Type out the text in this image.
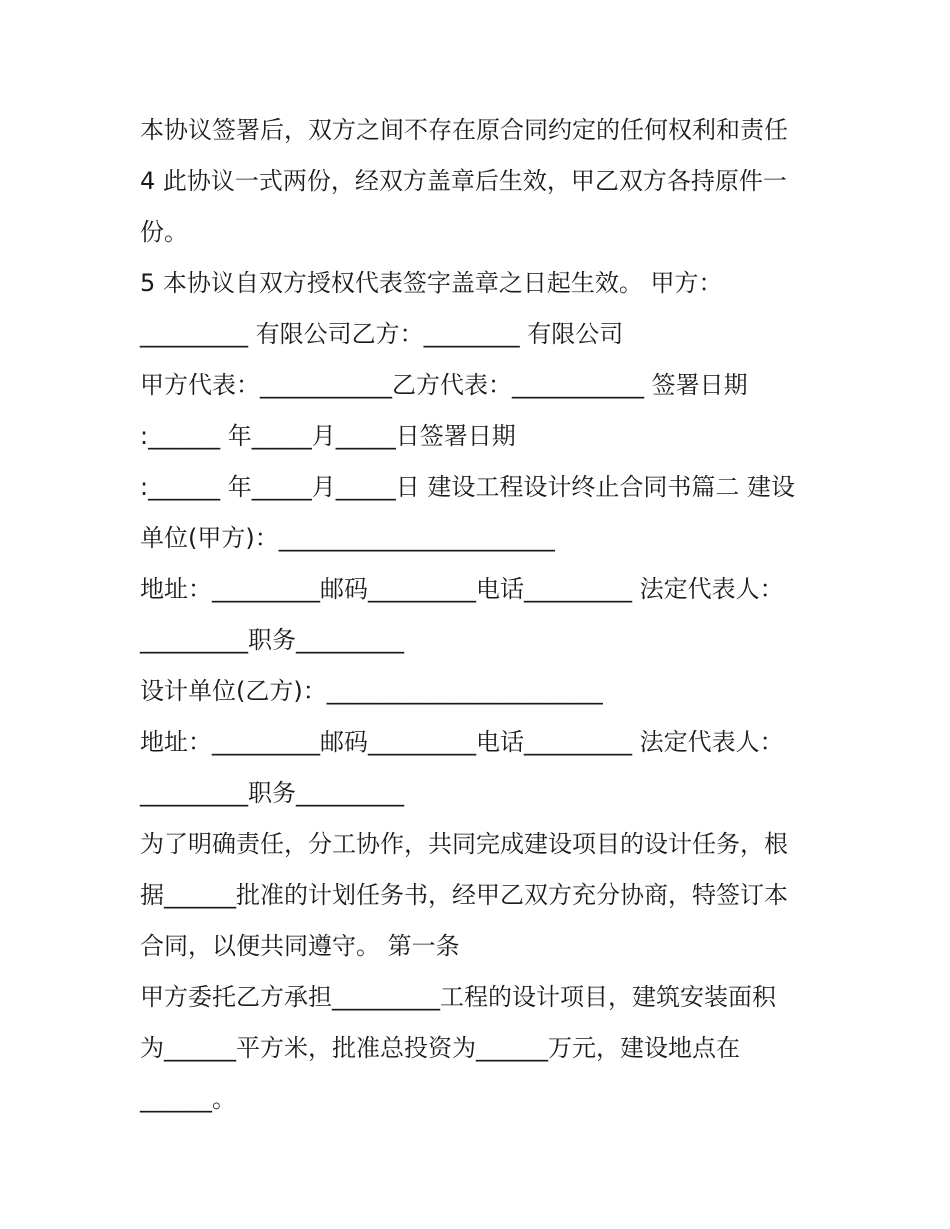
本协议签署后，双方之间不存在原合同约定的任何权利和责任
4 此协议一式两份，经双方盖章后生效，甲乙双方各持原件一
份。
5 本协议自双方授权代表签字盖章之日起生效。 甲方：
_________ 有限公司乙方：________ 有限公司
甲方代表：___________乙方代表：___________ 签署日期
:______ 年_____月_____日签署日期
:______ 年_____月_____日 建设工程设计终止合同书篇二 建设
单位(甲方)：_______________________
地址：_________邮码_________电话_________ 法定代表人：
_________职务_________
设计单位(乙方)：_______________________
地址：_________邮码_________电话_________ 法定代表人：
_________职务_________
为了明确责任，分工协作，共同完成建设项目的设计任务，根
据______批准的计划任务书，经甲乙双方充分协商，特签订本
合同，以便共同遵守。 第一条
甲方委托乙方承担_________工程的设计项目，建筑安装面积
为______平方米，批准总投资为______万元，建设地点在
______。
